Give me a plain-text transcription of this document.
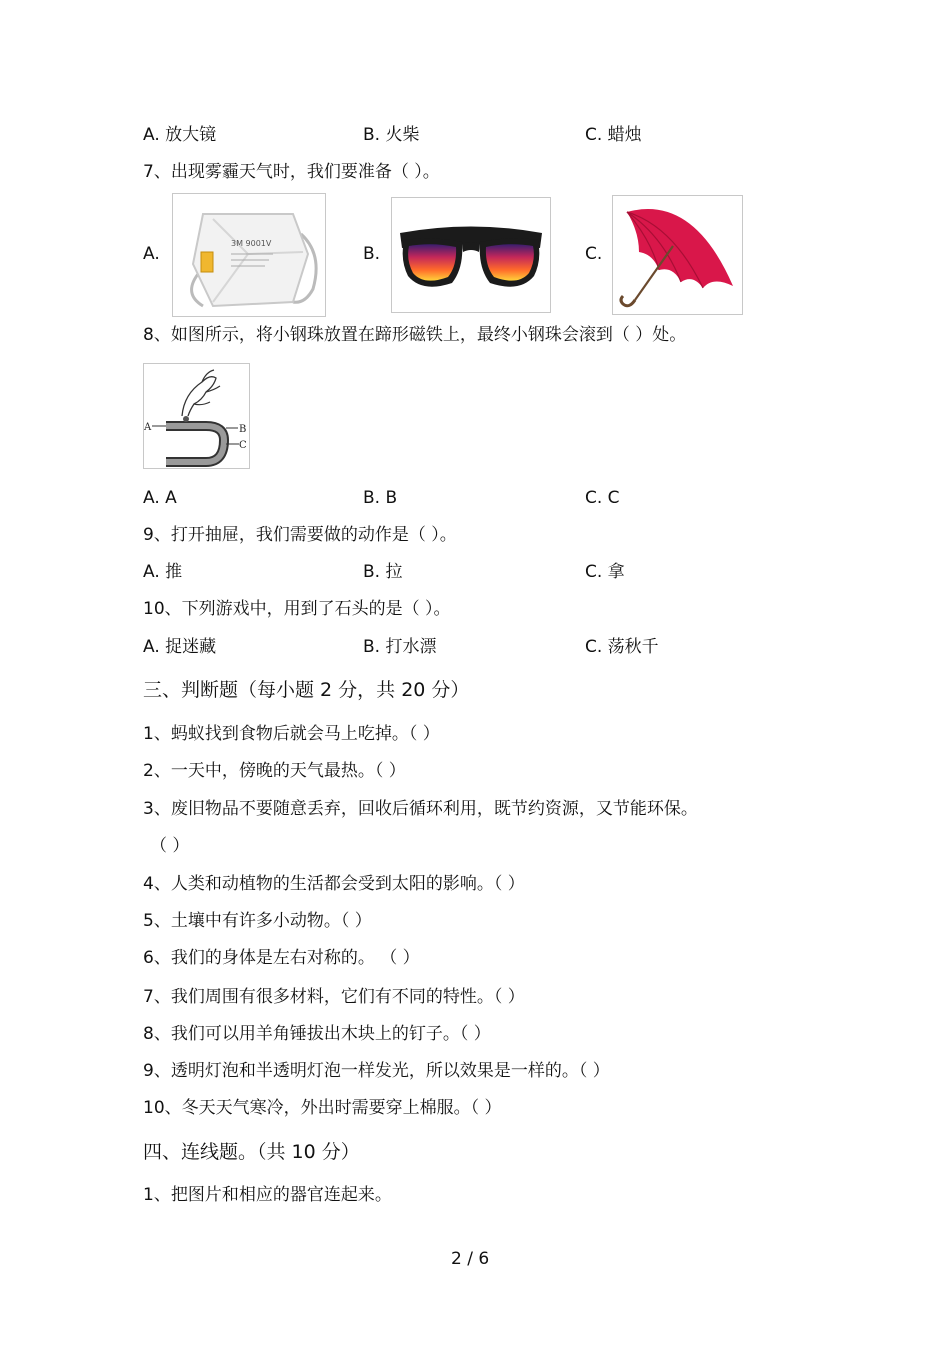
A. 放大镜	B. 火柴	C. 蜡烛
7、出现雾霾天气时，我们要准备（ ）。
A.
3M 9001V
B.	C.
8、如图所示，将小钢珠放置在蹄形磁铁上，最终小钢珠会滚到（ ）处。
A	B
C
A. A	B. B	C. C
9、打开抽屉，我们需要做的动作是（ ）。
A. 推	B. 拉	C. 拿
10、下列游戏中，用到了石头的是（ ）。
A. 捉迷藏	B. 打水漂	C. 荡秋千
三、判断题（每小题 2 分，共 20 分）
1、蚂蚁找到食物后就会马上吃掉。（ ）
2、一天中，傍晚的天气最热。（ ）
3、废旧物品不要随意丢弃，回收后循环利用，既节约资源，又节能环保。
（ ）
4、人类和动植物的生活都会受到太阳的影响。（ ）
5、土壤中有许多小动物。（ ）
6、我们的身体是左右对称的。 （ ）
7、我们周围有很多材料，它们有不同的特性。（ ）
8、我们可以用羊角锤拔出木块上的钉子。（ ）
9、透明灯泡和半透明灯泡一样发光，所以效果是一样的。（ ）
10、冬天天气寒冷，外出时需要穿上棉服。（ ）
四、连线题。（共 10 分）
1、把图片和相应的器官连起来。
2 / 6
